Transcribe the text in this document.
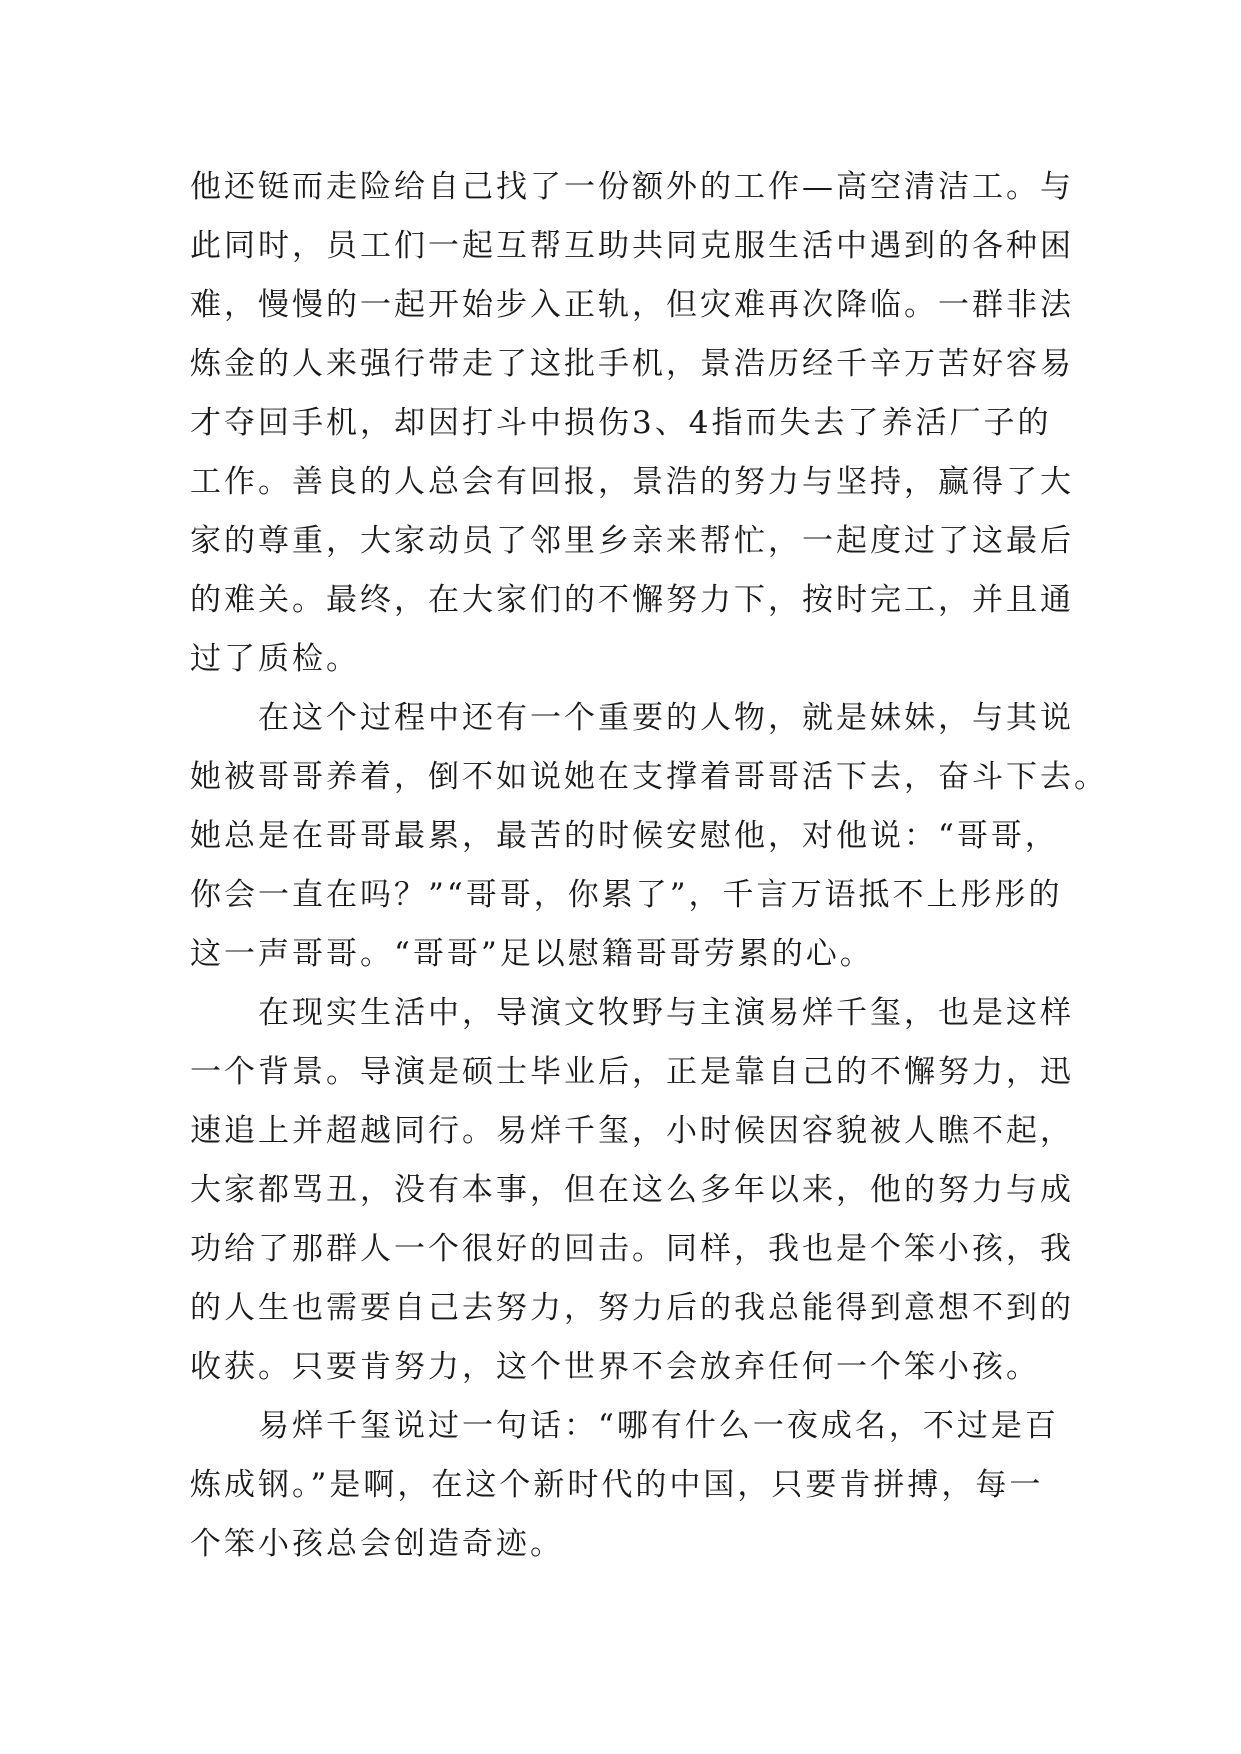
他还铤而走险给自己找了一份额外的工作—高空清洁工。与
此同时，员工们一起互帮互助共同克服生活中遇到的各种困
难，慢慢的一起开始步入正轨，但灾难再次降临。一群非法
炼金的人来强行带走了这批手机，景浩历经千辛万苦好容易
才夺回手机，却因打斗中损伤3、4指而失去了养活厂子的
工作。善良的人总会有回报，景浩的努力与坚持，赢得了大
家的尊重，大家动员了邻里乡亲来帮忙，一起度过了这最后
的难关。最终，在大家们的不懈努力下，按时完工，并且通
过了质检。
在这个过程中还有一个重要的人物，就是妹妹，与其说
她被哥哥养着，倒不如说她在支撑着哥哥活下去，奋斗下去。
她总是在哥哥最累，最苦的时候安慰他，对他说：“哥哥，
你会一直在吗？”“哥哥，你累了”，千言万语抵不上彤彤的
这一声哥哥。“哥哥”足以慰籍哥哥劳累的心。
在现实生活中，导演文牧野与主演易烊千玺，也是这样
一个背景。导演是硕士毕业后，正是靠自己的不懈努力，迅
速追上并超越同行。易烊千玺，小时候因容貌被人瞧不起，
大家都骂丑，没有本事，但在这么多年以来，他的努力与成
功给了那群人一个很好的回击。同样，我也是个笨小孩，我
的人生也需要自己去努力，努力后的我总能得到意想不到的
收获。只要肯努力，这个世界不会放弃任何一个笨小孩。
易烊千玺说过一句话：“哪有什么一夜成名，不过是百
炼成钢。”是啊，在这个新时代的中国，只要肯拼搏，每一
个笨小孩总会创造奇迹。
